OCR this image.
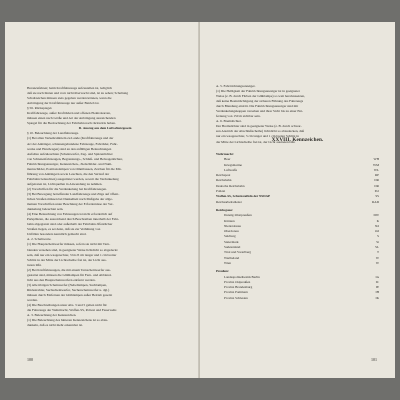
Heranzufahren; beim Kraftfahrzeuge aufzustellen ist, lediglich
daß sie nach hinten und vorn nicht überwacht sind, ist zu sehen; Schaltung
Schaltzeichen müssen stets gegeben werden können, wenn die
Anbringung der Kraftfahrzeuge nur außer Betrieb ist.
§ 56. Rückspiegel.
Kraftfahrzeuge, außer Krafträdern und offenen Elektrokarren,
müssen einen nach Größe und Art der Anbringung ausreichenden
Spiegel für die Beobachtung der Fahrbahn nach rückwärts haben.
D. Auszug aus dem Luftschutzgesetz.
§ 10. Beleuchtung der Landfahrzeuge.
(1) Bei allen Verkehrsmitteln zu Lande (Kraftfahrzeuge und der
Art der Anhänger, schienengebundene Fahrzeuge, Fahrräder, Fuhr-
werke und Handwagen) sind an den anfälligen Beleuchtungen
Aufsätze aufzuleuchten (Scheinwerfer, Zug- und Spitzenlichter
von Schienenfahrzeugen, Begrenzungs-, Schluß- und Beiwagenlichter,
Fahrtrichtungsanzeiger, Kennzeichen-, Zielschilder- und Num-
mernschilder, Positionslampen von Omnibussen, Zeichen für die Mit-
führung von Anhängern sowie Leuchten, die den Verlauf der
Fahrbahn beleuchten) ausgerüstet werden, soweit die Verdunkelung
aufgetreten ist, Lichtquellen in Anwendung zu nehmen.
(2) Vorschriften für die Verdunkelung bei Kraftfahrzeugen.
(3) Bei Bewegung betreffender Landfahrzeuge und Züge auf öffent-
lichen Straßen müssen bei Dunkelheit nach Maßgabe der allge-
meinen Vorschriften unter Beachtung der Erfordernisse der Ver-
dunkelung beleuchtet sein.
(4) Eine Beleuchtung von Fahrzeugen ist nicht erforderlich auf
Parkplätzen, die ausreichend durch Beschreiben innerhalb der Fahr-
bahn abgegrenzt sind oder außerhalb der Fahrbahn öffentlicher
Straßen liegen, es sei denn, daß sie zur Verhütung von
Unfällen besonders kenntlich gemacht sind.
A. 2. Schaltwerte.
(1) Die Hauptscheinwerfer müssen, sofern sie nicht mit Tarn-
blenden versehen sind, in geeigneter Weise lichtdicht so abgedeckt
sein, daß nur ein waagerechter, 3 bis 8 cm langer und 1 cm breiter
Schlitz in der Mitte der Lichtscheibe frei ist, der Licht aus-
treten läßt.
(2) Bei Kraftfahrzeugen, die mit einem Tarnscheinwerfer aus-
gestattet sind, müssen die Glühlampen für Fern- und Abblend-
licht aus den Hauptscheinwerfern entfernt werden.
(3) Alle übrigen Scheinwerfer (Nebellampen, Suchlampen,
Rückstrahler, Suchscheinwerfer, Sucherscheinwerfer u. dgl.)
müssen durch Entfernen der Glühlampen außer Betrieb gesetzt
werden.
(4) Die Beschreibungen unter Abs. 3 und 5 gelten nicht für
die Fahrzeuge der Wehrmacht, Waffen-SS, Polizei und Feuerwehr.
A. 3. Beleuchtung der Kennzeichen.
(1) Die Beleuchtung des hinteren Kennzeichens ist so abzu-
dunkeln, daß es nicht mehr erkennbar ist.
100
A. 5. Fahrtrichtungsanzeiger.
(1) Die Helligkeit der Fahrtrichtungsanzeiger ist in geeigneter
Weise (z. B. durch Färben der Glühlampe) so weit herabzusetzen,
daß keine Beeinträchtigung der sicheren Führung des Fahrzeugs
durch Blendung eintritt. Die Fahrtrichtungsanzeiger sind mit
Verdunkelungskappen versehen und ihrer Sicht bis zu einer Ent-
fernung von 150 m sichtbar sein.
A. 6. Bremslichter.
Der Bremslichter sind in geeigneter Weise (z. B. durch schwar-
zen Anstrich der Abschlußscheibe) lichtdicht so abzudecken, daß
nur ein waagerechter, 5 cm langer und 1 cm breiter Schlitz in
der Mitte der Lichtscheibe frei ist, der Licht austreten läßt.
XXVIII. Kennzeichen.
Wehrmacht:
Heer	WH
Kriegsmarine	WM
Luftwaffe	WL
Reichspost	RP
Reichsbahn	DR
Deutsche Reichsbahn	DR
Polizei	Pol
Waffen-SS, Schutzstaffeln der NSDAP	SS
Reichsarbeitsdienst	RAD
Reichsgaue:
Danzig-Westpreußen	DW
Kärnten	K
Niederdonau	Nd
Oberdonau	Od
Salzburg	S
Steiermark	St
Sudetenland	SL
Tirol und Vorarlberg	T
Wartheland	W
Wien	W
Preußen:
Landespolizeibezirk Berlin	IA
Provinz Ostpreußen	IC
Provinz Brandenburg	IE
Provinz Pommern	IH
Provinz Schlesien	IK
101
